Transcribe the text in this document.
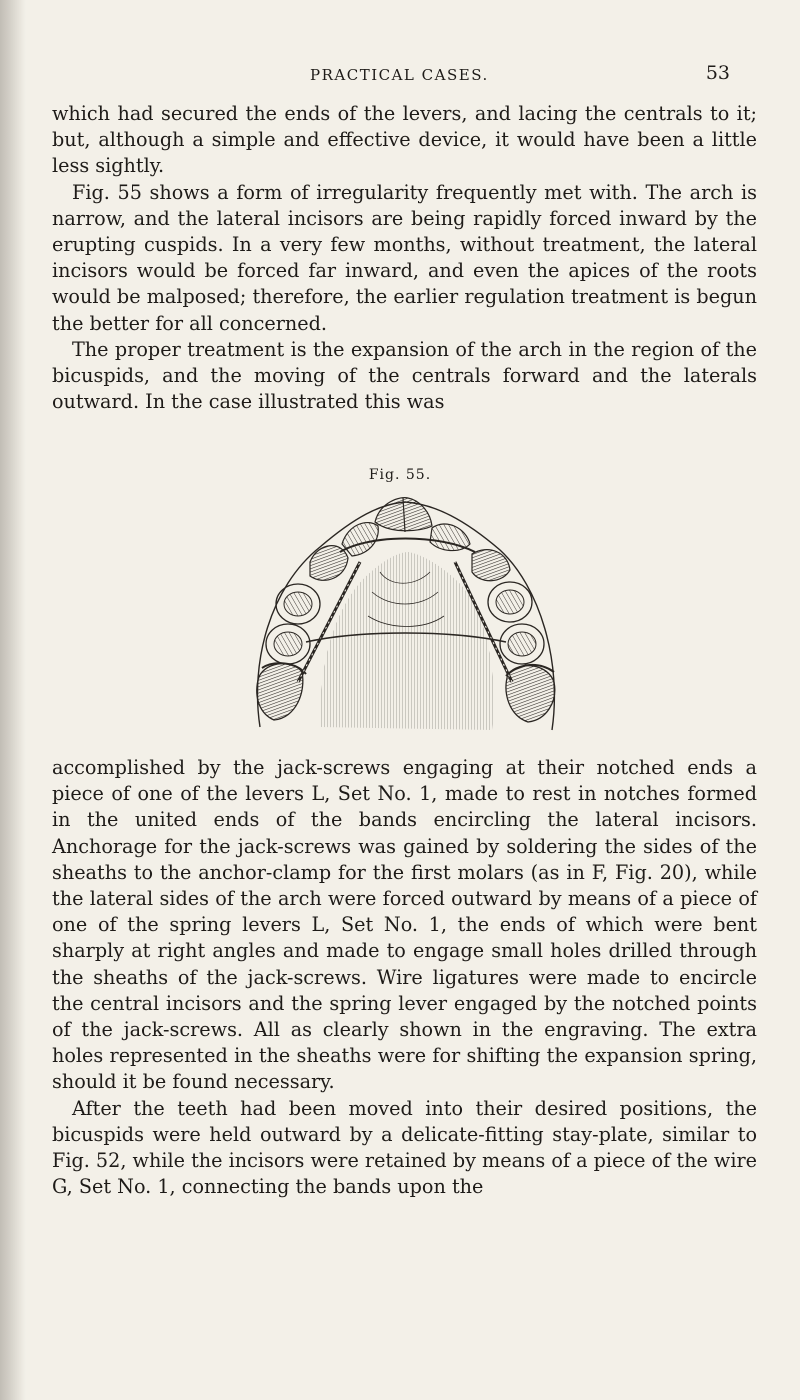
PRACTICAL CASES.	53

which had secured the ends of the levers, and lacing the centrals to it; but, although a simple and effective device, it would have been a little less sightly.

Fig. 55 shows a form of irregularity frequently met with. The arch is narrow, and the lateral incisors are being rapidly forced inward by the erupting cuspids. In a very few months, without treatment, the lateral incisors would be forced far inward, and even the apices of the roots would be malposed; therefore, the earlier regulation treatment is begun the better for all concerned.

The proper treatment is the expansion of the arch in the region of the bicuspids, and the moving of the centrals forward and the laterals outward. In the case illustrated this was

Fig. 55.

accomplished by the jack-screws engaging at their notched ends a piece of one of the levers L, Set No. 1, made to rest in notches formed in the united ends of the bands encircling the lateral incisors. Anchorage for the jack-screws was gained by soldering the sides of the sheaths to the anchor-clamp for the first molars (as in F, Fig. 20), while the lateral sides of the arch were forced outward by means of a piece of one of the spring levers L, Set No. 1, the ends of which were bent sharply at right angles and made to engage small holes drilled through the sheaths of the jack-screws. Wire ligatures were made to encircle the central incisors and the spring lever engaged by the notched points of the jack-screws. All as clearly shown in the engraving. The extra holes represented in the sheaths were for shifting the expansion spring, should it be found necessary.

After the teeth had been moved into their desired positions, the bicuspids were held outward by a delicate-fitting stay-plate, similar to Fig. 52, while the incisors were retained by means of a piece of the wire G, Set No. 1, connecting the bands upon the
